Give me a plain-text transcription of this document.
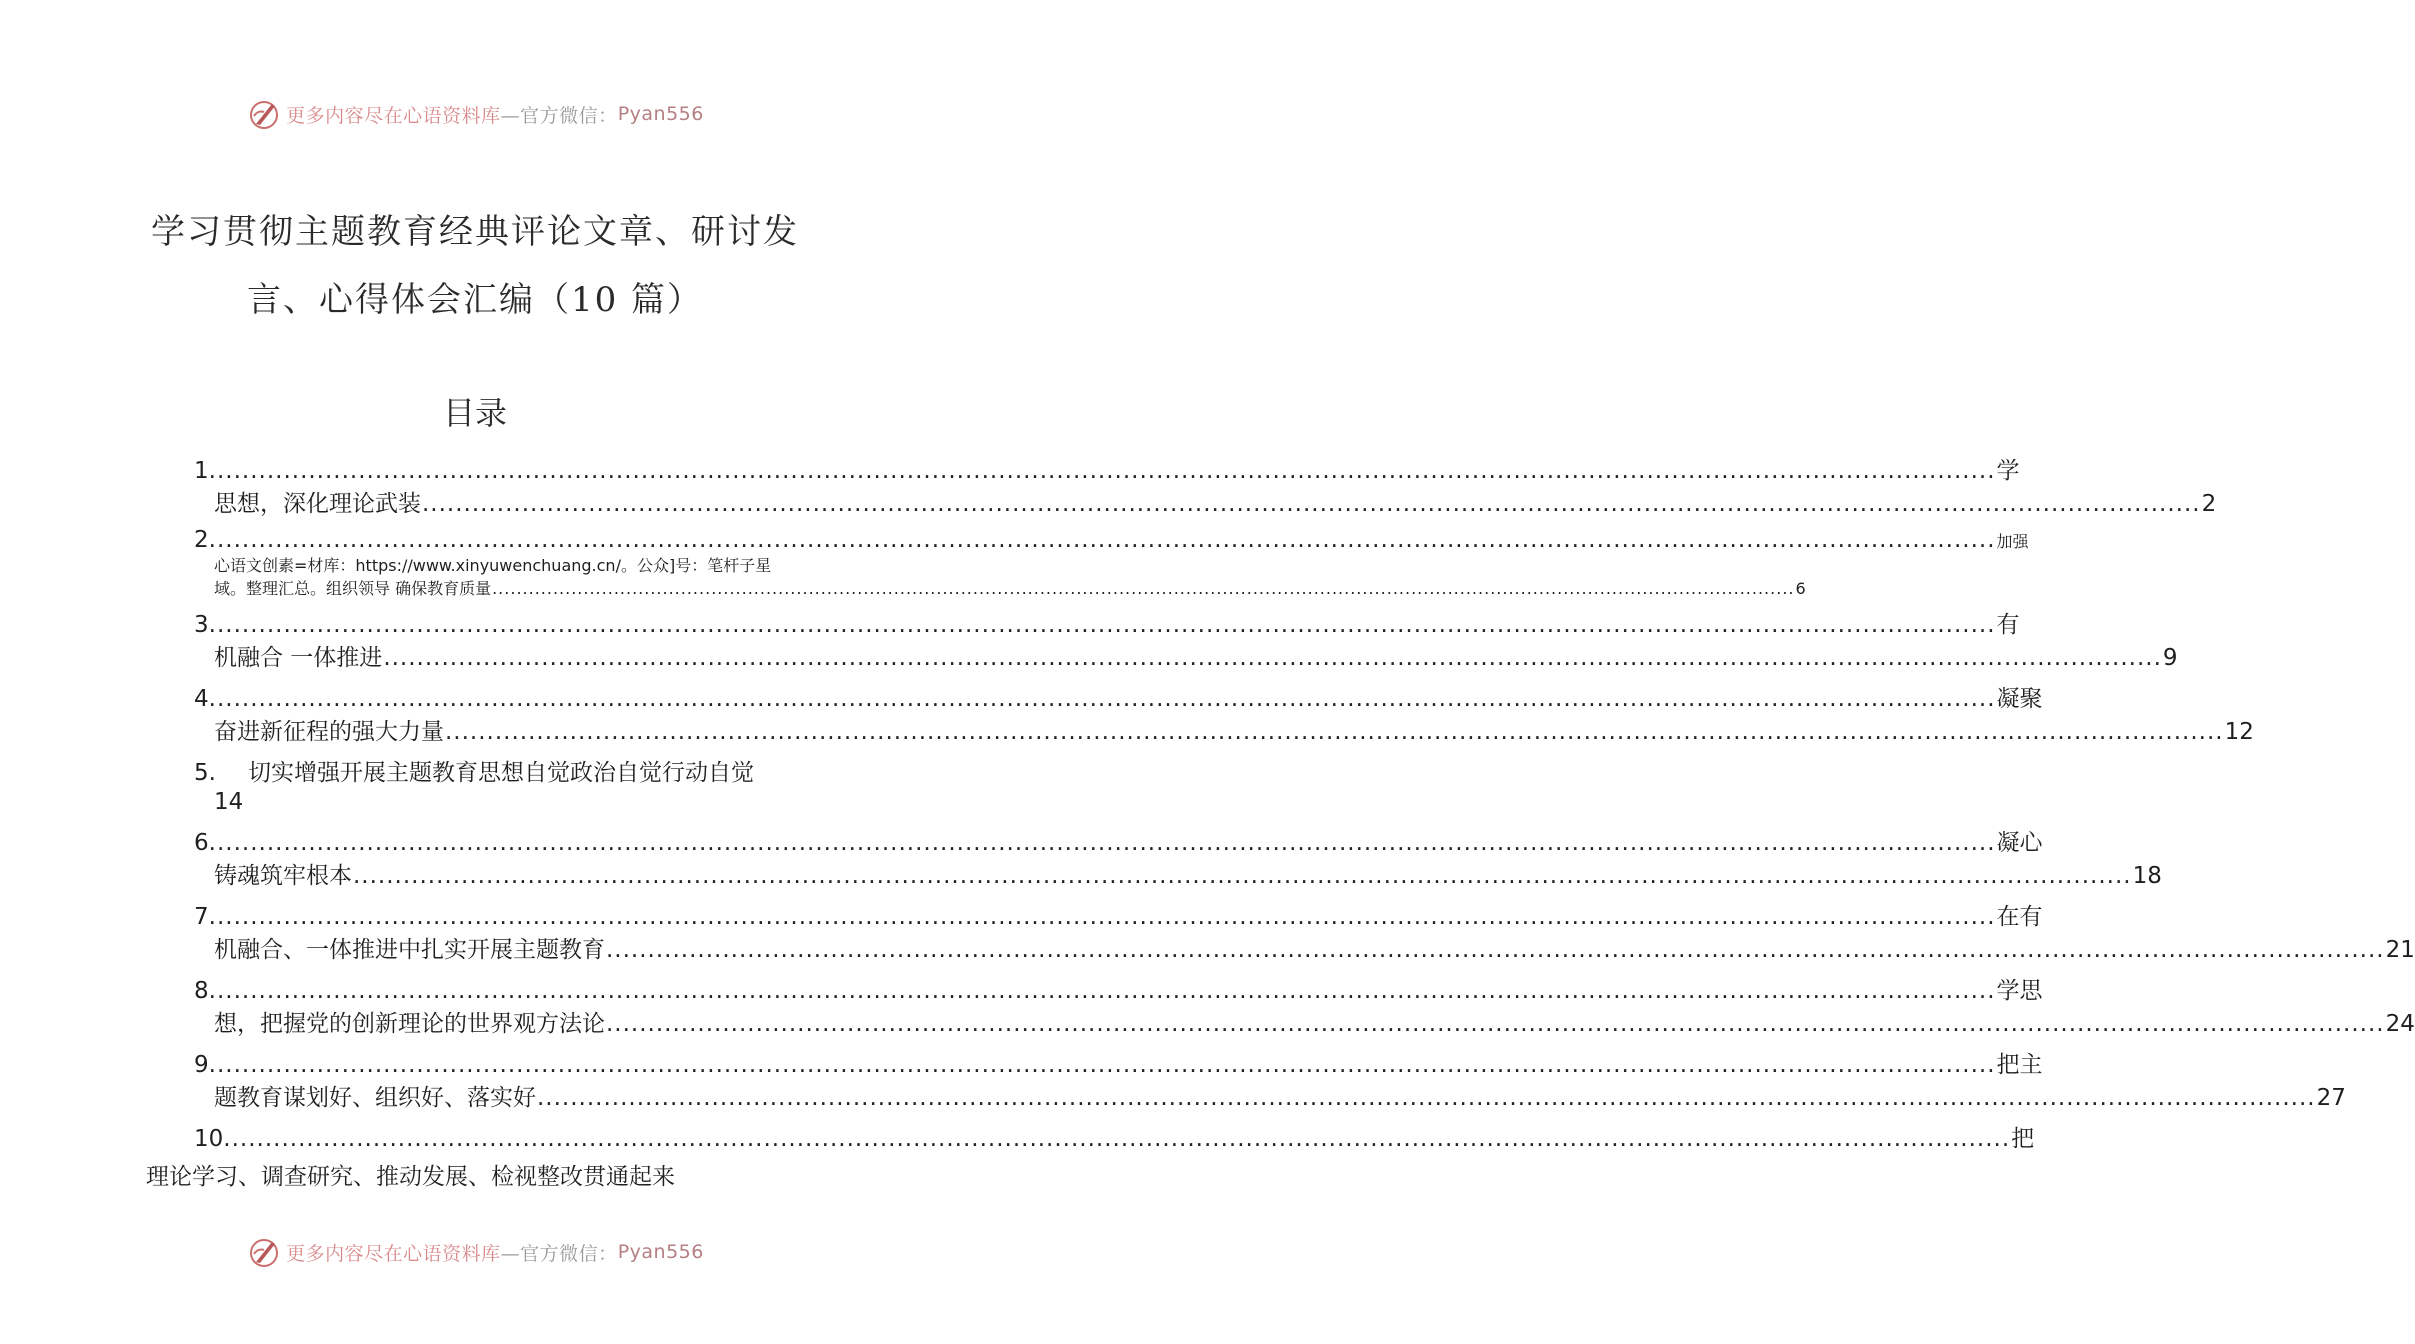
更多内容尽在心语资料库 —官方微信： Pyan556
学习贯彻主题教育经典评论文章、研讨发
言、心得体会汇编（10 篇）
目录
1. ...................................................................................................................................................................................................................... 学
思想，深化理论武装 ...................................................................................................................................................................................................................... 2
2. ...................................................................................................................................................................................................................... 加强
心语文创素=材库：https://www.xinyuwenchuang.cn/。公众]号：笔杆子星
域。整理汇总。组织领导 确保教育质量 ...................................................................................................................................................................................................................... 6
3. ...................................................................................................................................................................................................................... 有
机融合 一体推进 ...................................................................................................................................................................................................................... 9
4. ...................................................................................................................................................................................................................... 凝聚
奋进新征程的强大力量 ...................................................................................................................................................................................................................... 12
5. 切实增强开展主题教育思想自觉政治自觉行动自觉
14
6. ...................................................................................................................................................................................................................... 凝心
铸魂筑牢根本 ...................................................................................................................................................................................................................... 18
7. ...................................................................................................................................................................................................................... 在有
机融合、一体推进中扎实开展主题教育 ...................................................................................................................................................................................................................... 21
8. ...................................................................................................................................................................................................................... 学思
想，把握党的创新理论的世界观方法论 ...................................................................................................................................................................................................................... 24
9. ...................................................................................................................................................................................................................... 把主
题教育谋划好、组织好、落实好 ...................................................................................................................................................................................................................... 27
10. ...................................................................................................................................................................................................................... 把
理论学习、调查研究、推动发展、检视整改贯通起来
更多内容尽在心语资料库 —官方微信： Pyan556
